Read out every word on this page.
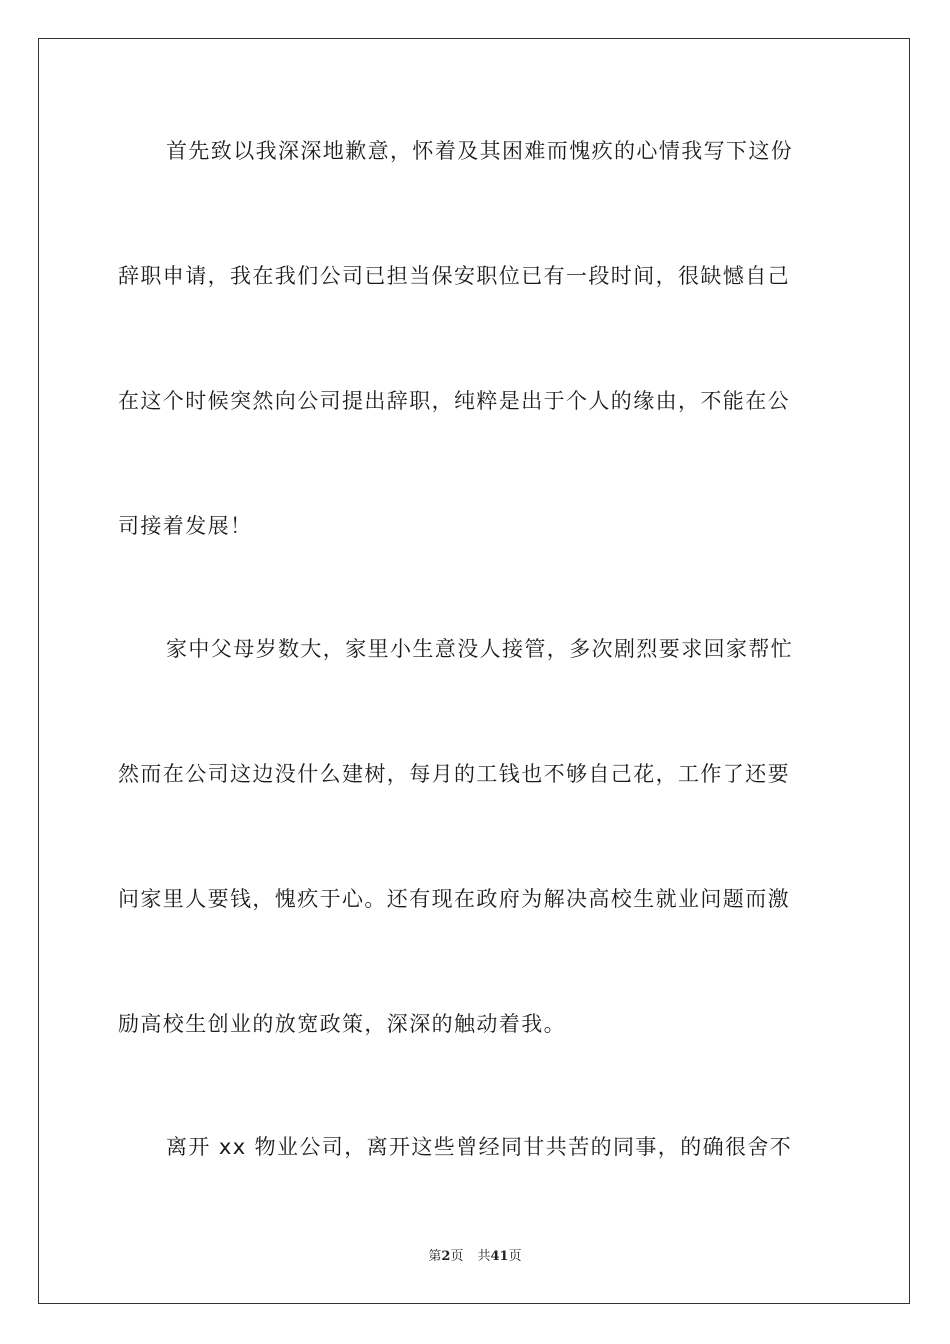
首先致以我深深地歉意，怀着及其困难而愧疚的心情我写下这份
辞职申请，我在我们公司已担当保安职位已有一段时间，很缺憾自己
在这个时候突然向公司提出辞职，纯粹是出于个人的缘由，不能在公
司接着发展！
家中父母岁数大，家里小生意没人接管，多次剧烈要求回家帮忙
然而在公司这边没什么建树，每月的工钱也不够自己花，工作了还要
问家里人要钱，愧疚于心。还有现在政府为解决高校生就业问题而激
励高校生创业的放宽政策，深深的触动着我。
离开 xx 物业公司，离开这些曾经同甘共苦的同事，的确很舍不
第2页 共41页
